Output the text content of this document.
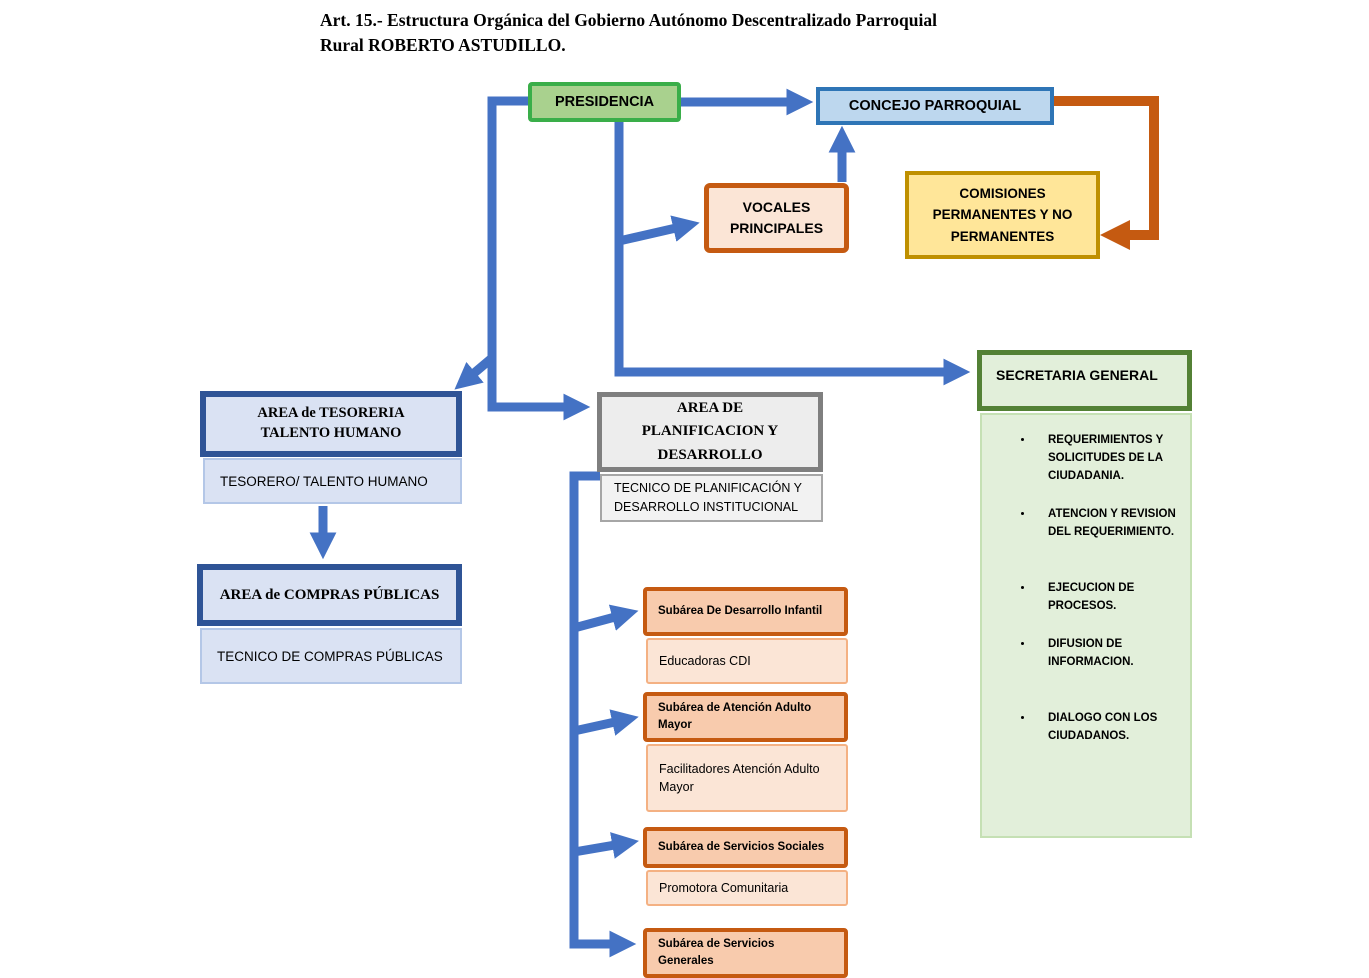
Art. 15.- Estructura Orgánica del Gobierno Autónomo Descentralizado Parroquial
Rural ROBERTO ASTUDILLO.
PRESIDENCIA	CONCEJO PARROQUIAL
VOCALES
PRINCIPALES
COMISIONES
PERMANENTES Y NO
PERMANENTES
SECRETARIA GENERAL
• REQUERIMIENTOS Y SOLICITUDES DE LA CIUDADANIA.
• ATENCION Y REVISION DEL REQUERIMIENTO.
• EJECUCION DE PROCESOS.
• DIFUSION DE INFORMACION.
• DIALOGO CON LOS CIUDADANOS.
AREA de TESORERIA
TALENTO HUMANO
TESORERO/ TALENTO HUMANO
AREA de COMPRAS PÚBLICAS
TECNICO DE COMPRAS PÚBLICAS
AREA DE
PLANIFICACION Y
DESARROLLO
TECNICO DE PLANIFICACIÓN Y DESARROLLO INSTITUCIONAL
Subárea De Desarrollo Infantil
Educadoras CDI
Subárea de Atención Adulto Mayor
Facilitadores Atención Adulto Mayor
Subárea de Servicios Sociales
Promotora Comunitaria
Subárea de Servicios
Generales
